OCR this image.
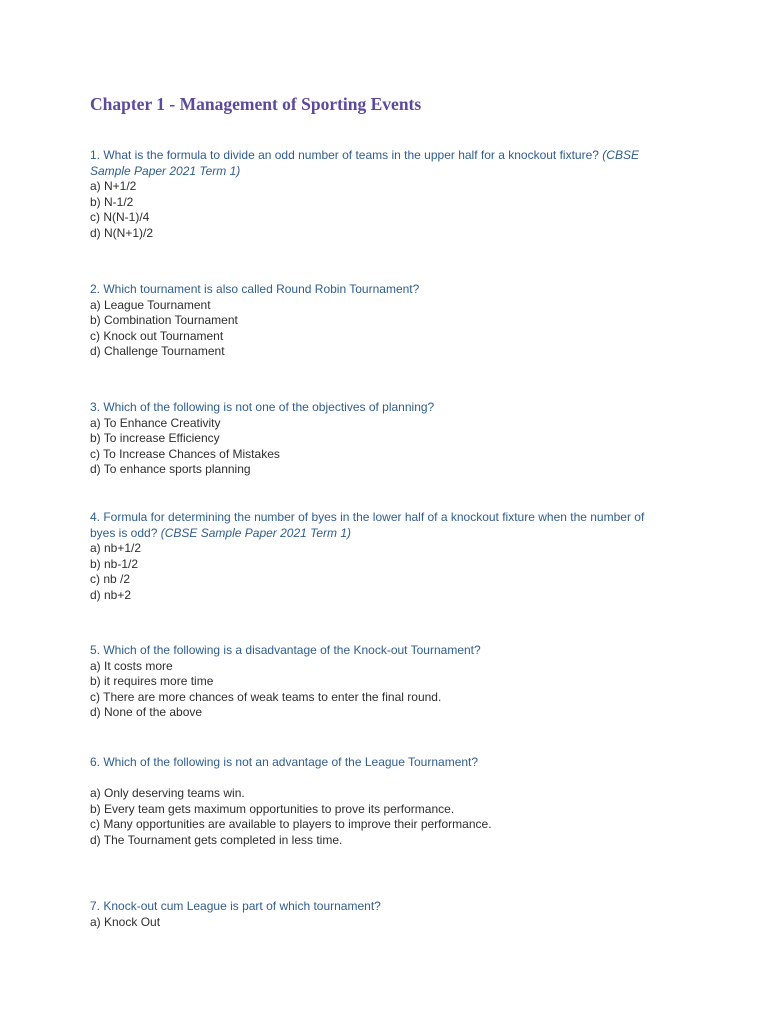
Chapter 1 - Management of Sporting Events
1. What is the formula to divide an odd number of teams in the upper half for a knockout fixture? (CBSE Sample Paper 2021 Term 1)
a) N+1/2
b) N-1/2
c) N(N-1)/4
d) N(N+1)/2
2. Which tournament is also called Round Robin Tournament?
a) League Tournament
b) Combination Tournament
c) Knock out Tournament
d) Challenge Tournament
3. Which of the following is not one of the objectives of planning?
a) To Enhance Creativity
b) To increase Efficiency
c) To Increase Chances of Mistakes
d) To enhance sports planning
4. Formula for determining the number of byes in the lower half of a knockout fixture when the number of byes is odd? (CBSE Sample Paper 2021 Term 1)
a) nb+1/2
b) nb-1/2
c) nb /2
d) nb+2
5. Which of the following is a disadvantage of the Knock-out Tournament?
a) It costs more
b) it requires more time
c) There are more chances of weak teams to enter the final round.
d) None of the above
6. Which of the following is not an advantage of the League Tournament?
a) Only deserving teams win.
b) Every team gets maximum opportunities to prove its performance.
c) Many opportunities are available to players to improve their performance.
d) The Tournament gets completed in less time.
7. Knock-out cum League is part of which tournament?
a) Knock Out
